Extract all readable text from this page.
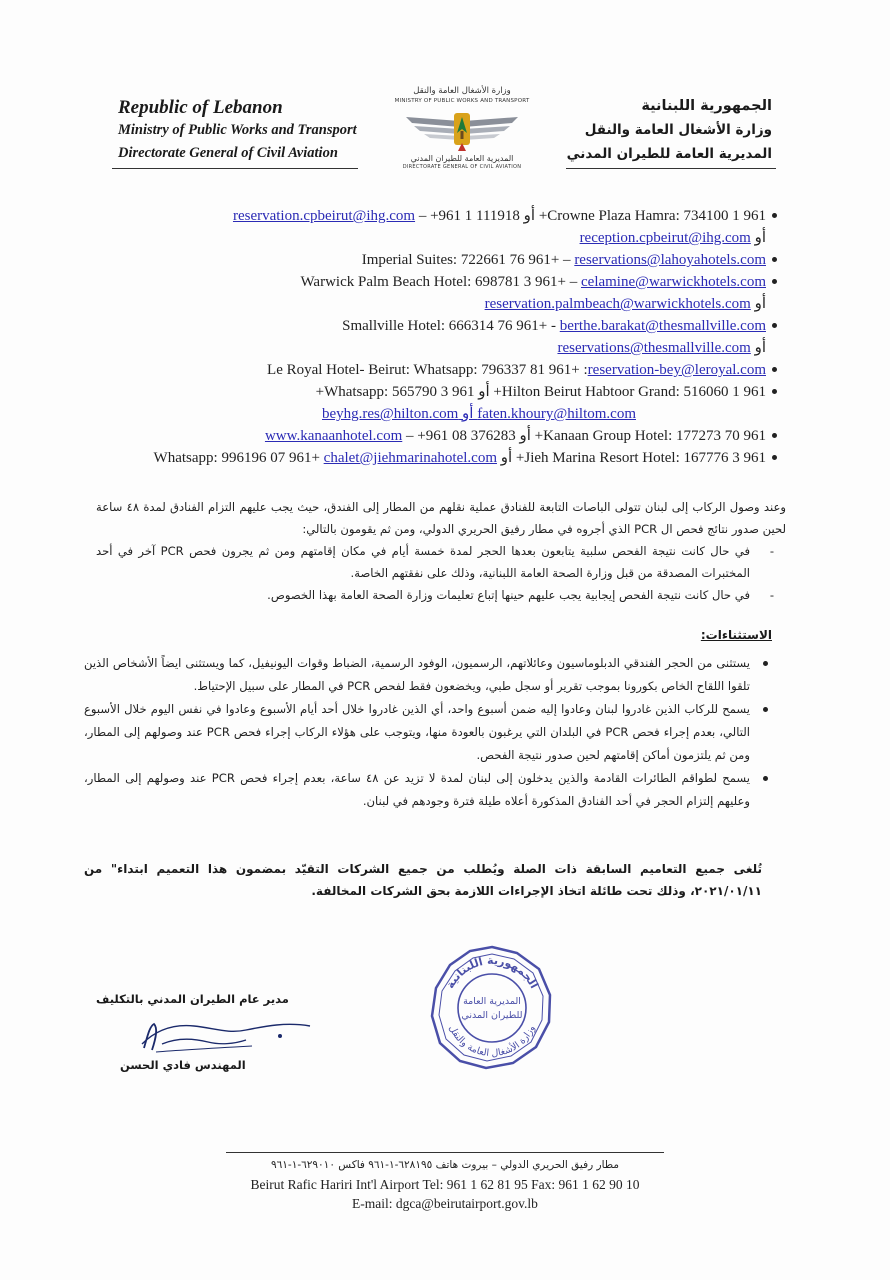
Republic of Lebanon
Ministry of Public Works and Transport
Directorate General of Civil Aviation
وزارة الأشغال العامة والنقل
MINISTRY OF PUBLIC WORKS AND TRANSPORT
المديرية العامة للطيران المدني
DIRECTORATE GENERAL OF CIVIL AVIATION
الجمهورية اللبنانية
وزارة الأشغال العامة والنقل
المديرية العامة للطيران المدني
Crowne Plaza Hamra: 734100 1 961+ أو 111918 1 961+ – reservation.cpbeirut@ihg.com
أو reception.cpbeirut@ihg.com
Imperial Suites: 722661 76 961+ – reservations@lahoyahotels.com
Warwick Palm Beach Hotel: 698781 3 961+ – celamine@warwickhotels.com
أو reservation.palmbeach@warwickhotels.com
Smallville Hotel: 666314 76 961+ - berthe.barakat@thesmallville.com
أو reservations@thesmallville.com
Le Royal Hotel- Beirut: Whatsapp: 796337 81 961+ :reservation-bey@leroyal.com
Hilton Beirut Habtoor Grand: 516060 1 961+ أو Whatsapp: 565790 3 961+
faten.khoury@hiltom.com أو beyhg.res@hilton.com
Kanaan Group Hotel: 177273 70 961+ أو 376283 08 961+ – www.kanaanhotel.com
Jieh Marina Resort Hotel: 167776 3 961+ أو Whatsapp: 996196 07 961+ chalet@jiehmarinahotel.com
وعند وصول الركاب إلى لبنان تتولى الباصات التابعة للفنادق عملية نقلهم من المطار إلى الفندق، حيث يجب عليهم التزام الفنادق لمدة ٤٨ ساعة لحين صدور نتائج فحص ال PCR الذي أجروه في مطار رفيق الحريري الدولي، ومن ثم يقومون بالتالي:
- في حال كانت نتيجة الفحص سلبية يتابعون بعدها الحجر لمدة خمسة أيام في مكان إقامتهم ومن ثم يجرون فحص PCR آخر في أحد المختبرات المصدقة من قبل وزارة الصحة العامة اللبنانية، وذلك على نفقتهم الخاصة.
- في حال كانت نتيجة الفحص إيجابية يجب عليهم حينها إتباع تعليمات وزارة الصحة العامة بهذا الخصوص.
الاستثناءات:
يستثنى من الحجر الفندقي الدبلوماسيون وعائلاتهم، الرسميون، الوفود الرسمية، الضباط وقوات اليونيفيل، كما ويستثنى ايضاً الأشخاص الذين تلقوا اللقاح الخاص بكورونا بموجب تقرير أو سجل طبي، ويخضعون فقط لفحص PCR في المطار على سبيل الإحتياط.
يسمح للركاب الذين غادروا لبنان وعادوا إليه ضمن أسبوع واحد، أي الذين غادروا خلال أحد أيام الأسبوع وعادوا في نفس اليوم خلال الأسبوع التالي، بعدم إجراء فحص PCR في البلدان التي يرغبون بالعودة منها، ويتوجب على هؤلاء الركاب إجراء فحص PCR عند وصولهم إلى المطار، ومن ثم يلتزمون أماكن إقامتهم لحين صدور نتيجة الفحص.
يسمح لطواقم الطائرات القادمة والذين يدخلون إلى لبنان لمدة لا تزيد عن ٤٨ ساعة، بعدم إجراء فحص PCR عند وصولهم إلى المطار، وعليهم إلتزام الحجر في أحد الفنادق المذكورة أعلاه طيلة فترة وجودهم في لبنان.
تُلغى جميع التعاميم السابقة ذات الصلة ويُطلب من جميع الشركات التقيّد بمضمون هذا التعميم ابتداء" من ٢٠٢١/٠١/١١، وذلك تحت طائلة اتخاذ الإجراءات اللازمة بحق الشركات المخالفة.
الجمهورية اللبنانية
وزارة الأشغال العامة والنقل
المديرية العامة
للطيران المدني
مدير عام الطيران المدني بالتكليف
المهندس فادي الحسن
مطار رفيق الحريري الدولي – بيروت هاتف ٦٢٨١٩٥-١-٩٦١ فاكس ٦٢٩٠١٠-١-٩٦١
Beirut Rafic Hariri Int'l Airport Tel: 961 1 62 81 95 Fax: 961 1 62 90 10
E-mail: dgca@beirutairport.gov.lb
